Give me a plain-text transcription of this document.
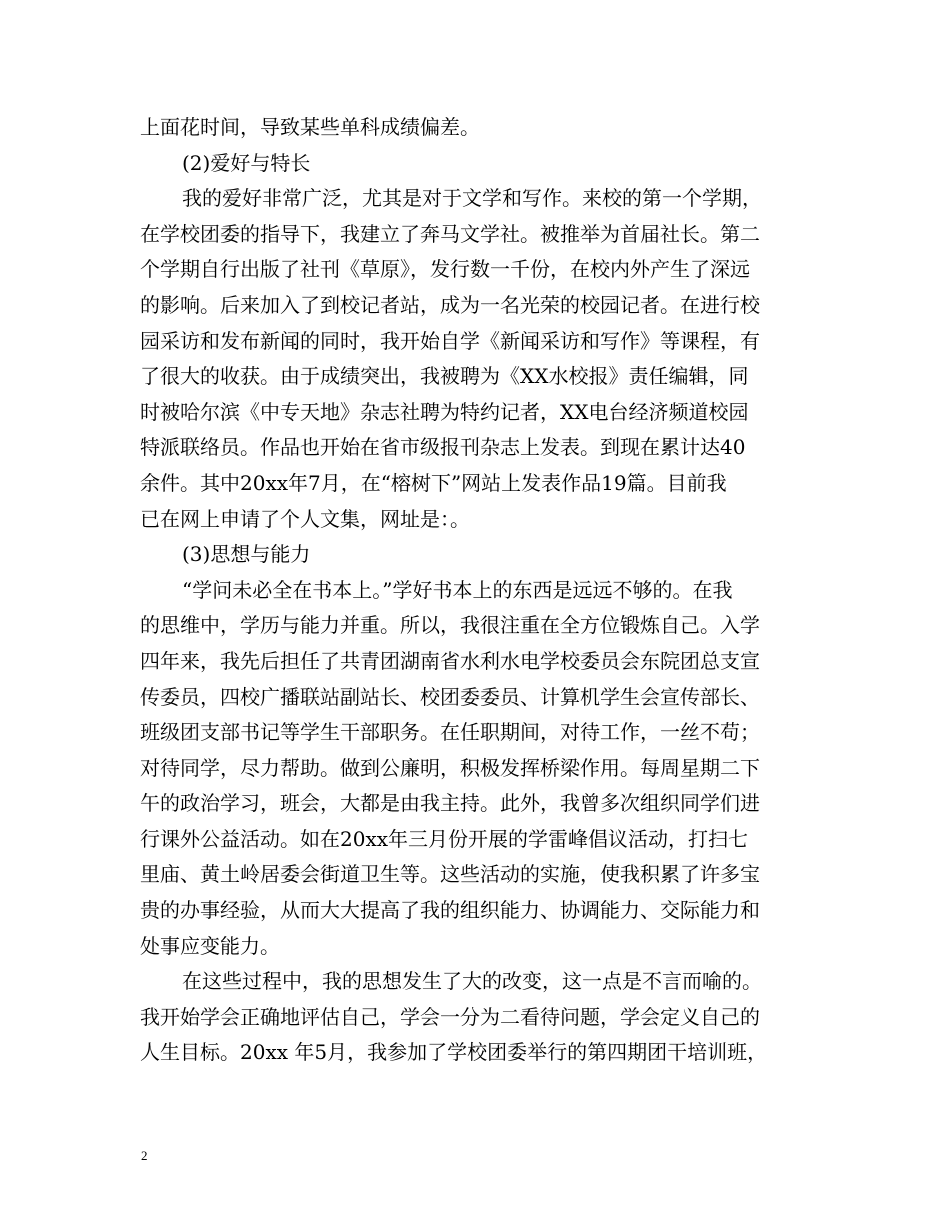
上面花时间，导致某些单科成绩偏差。
(2)爱好与特长
我的爱好非常广泛，尤其是对于文学和写作。来校的第一个学期，
在学校团委的指导下，我建立了奔马文学社。被推举为首届社长。第二
个学期自行出版了社刊《草原》，发行数一千份，在校内外产生了深远
的影响。后来加入了到校记者站，成为一名光荣的校园记者。在进行校
园采访和发布新闻的同时，我开始自学《新闻采访和写作》等课程，有
了很大的收获。由于成绩突出，我被聘为《XX水校报》责任编辑，同
时被哈尔滨《中专天地》杂志社聘为特约记者，XX电台经济频道校园
特派联络员。作品也开始在省市级报刊杂志上发表。到现在累计达40
余件。其中20xx年7月，在“榕树下”网站上发表作品19篇。目前我
已在网上申请了个人文集，网址是：。
(3)思想与能力
“学问未必全在书本上。”学好书本上的东西是远远不够的。在我
的思维中，学历与能力并重。所以，我很注重在全方位锻炼自己。入学
四年来，我先后担任了共青团湖南省水利水电学校委员会东院团总支宣
传委员，四校广播联站副站长、校团委委员、计算机学生会宣传部长、
班级团支部书记等学生干部职务。在任职期间，对待工作，一丝不苟；
对待同学，尽力帮助。做到公廉明，积极发挥桥梁作用。每周星期二下
午的政治学习，班会，大都是由我主持。此外，我曾多次组织同学们进
行课外公益活动。如在20xx年三月份开展的学雷峰倡议活动，打扫七
里庙、黄土岭居委会街道卫生等。这些活动的实施，使我积累了许多宝
贵的办事经验，从而大大提高了我的组织能力、协调能力、交际能力和
处事应变能力。
在这些过程中，我的思想发生了大的改变，这一点是不言而喻的。
我开始学会正确地评估自己，学会一分为二看待问题，学会定义自己的
人生目标。20xx 年5月，我参加了学校团委举行的第四期团干培训班，
2
